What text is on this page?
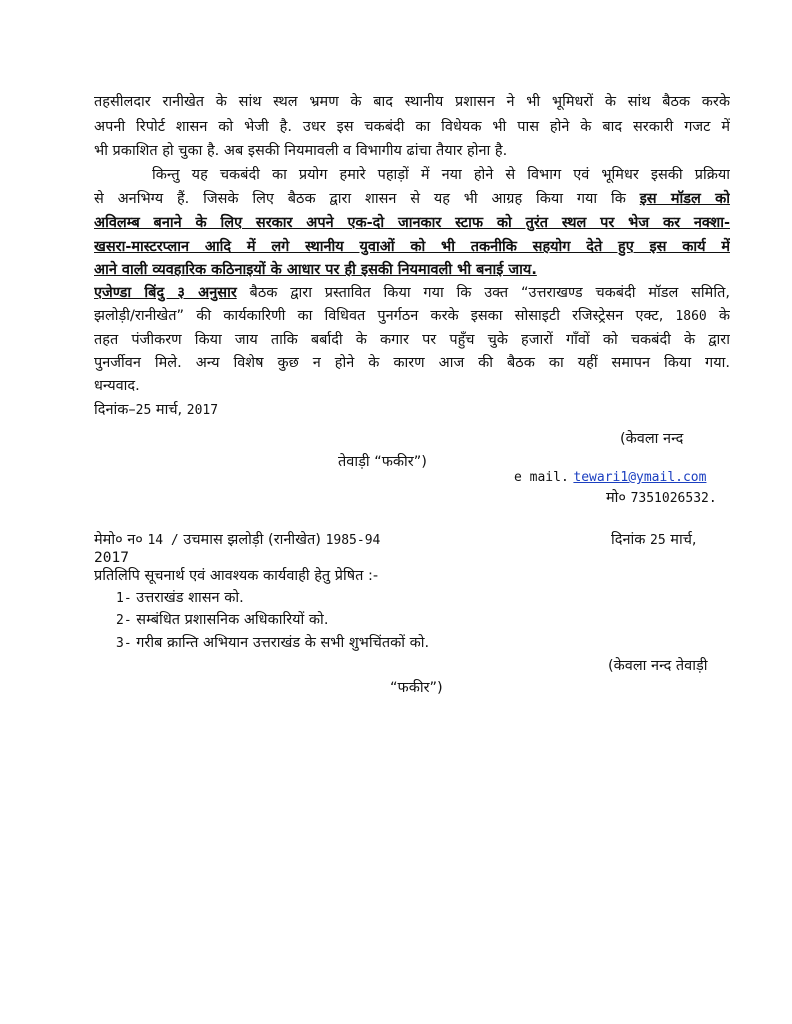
तहसीलदार रानीखेत के सांथ स्थल भ्रमण के बाद स्थानीय प्रशासन ने भी भूमिधरों के सांथ बैठक करके
अपनी रिपोर्ट शासन को भेजी है. उधर इस चकबंदी का विधेयक भी पास होने के बाद सरकारी गजट में
भी प्रकाशित हो चुका है. अब इसकी नियमावली व विभागीय ढांचा तैयार होना है.
किन्तु यह चकबंदी का प्रयोग हमारे पहाड़ों में नया होने से विभाग एवं भूमिधर इसकी प्रक्रिया
से अनभिग्य हैं. जिसके लिए बैठक द्वारा शासन से यह भी आग्रह किया गया कि इस मॉडल को
अविलम्ब बनाने के लिए सरकार अपने एक-दो जानकार स्टाफ को तुरंत स्थल पर भेज कर नक्शा-
खसरा-मास्टरप्लान आदि में लगे स्थानीय युवाओं को भी तकनीकि सहयोग देते हुए इस कार्य में
आने वाली व्यवहारिक कठिनाइयों के आधार पर ही इसकी नियमावली भी बनाई जाय.
एजेण्डा बिंदु ३ अनुसार बैठक द्वारा प्रस्तावित किया गया कि उक्त “उत्तराखण्ड चकबंदी मॉडल समिति,
झलोड़ी/रानीखेत” की कार्यकारिणी का विधिवत पुनर्गठन करके इसका सोसाइटी रजिस्ट्रेसन एक्ट, 1860 के
तहत पंजीकरण किया जाय ताकि बर्बादी के कगार पर पहुँच चुके हजारों गाँवों को चकबंदी के द्वारा
पुनर्जीवन मिले. अन्य विशेष कुछ न होने के कारण आज की बैठक का यहीं समापन किया गया.
धन्यवाद.
दिनांक–25 मार्च, 2017
(केवला नन्द
तेवाड़ी “फकीर”)
e mail. tewari1@ymail.com
मो० 7351026532.
मेमो० न० 14 / उचमास झलोड़ी (रानीखेत) 1985-94	दिनांक 25 मार्च,
2017
प्रतिलिपि सूचनार्थ एवं आवश्यक कार्यवाही हेतु प्रेषित :-
1- उत्तराखंड शासन को.
2- सम्बंधित प्रशासनिक अधिकारियों को.
3- गरीब क्रान्ति अभियान उत्तराखंड के सभी शुभचिंतकों को.
(केवला नन्द तेवाड़ी
“फकीर”)
